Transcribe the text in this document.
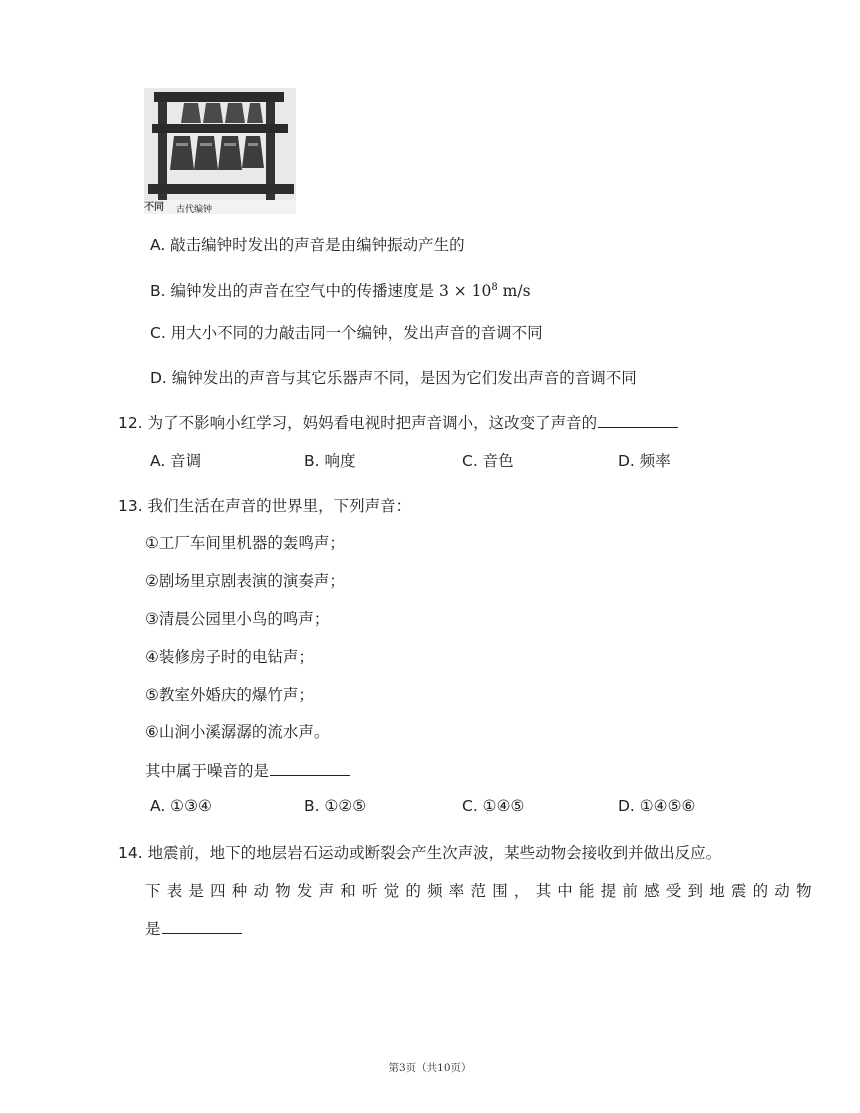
古代编钟
不同
A. 敲击编钟时发出的声音是由编钟振动产生的
B. 编钟发出的声音在空气中的传播速度是 $3 \times 10^8$ m/s
C. 用大小不同的力敲击同一个编钟，发出声音的音调不同
D. 编钟发出的声音与其它乐器声不同，是因为它们发出声音的音调不同
12. 为了不影响小红学习，妈妈看电视时把声音调小，这改变了声音的
A. 音调	B. 响度	C. 音色	D. 频率
13. 我们生活在声音的世界里，下列声音：
①工厂车间里机器的轰鸣声；
②剧场里京剧表演的演奏声；
③清晨公园里小鸟的鸣声；
④装修房子时的电钻声；
⑤教室外婚庆的爆竹声；
⑥山涧小溪潺潺的流水声。
其中属于噪音的是
A. ①③④	B. ①②⑤	C. ①④⑤	D. ①④⑤⑥
14. 地震前，地下的地层岩石运动或断裂会产生次声波，某些动物会接收到并做出反应。
下表是四种动物发声和听觉的频率范围，其中能提前感受到地震的动物
是
第3页（共10页）
